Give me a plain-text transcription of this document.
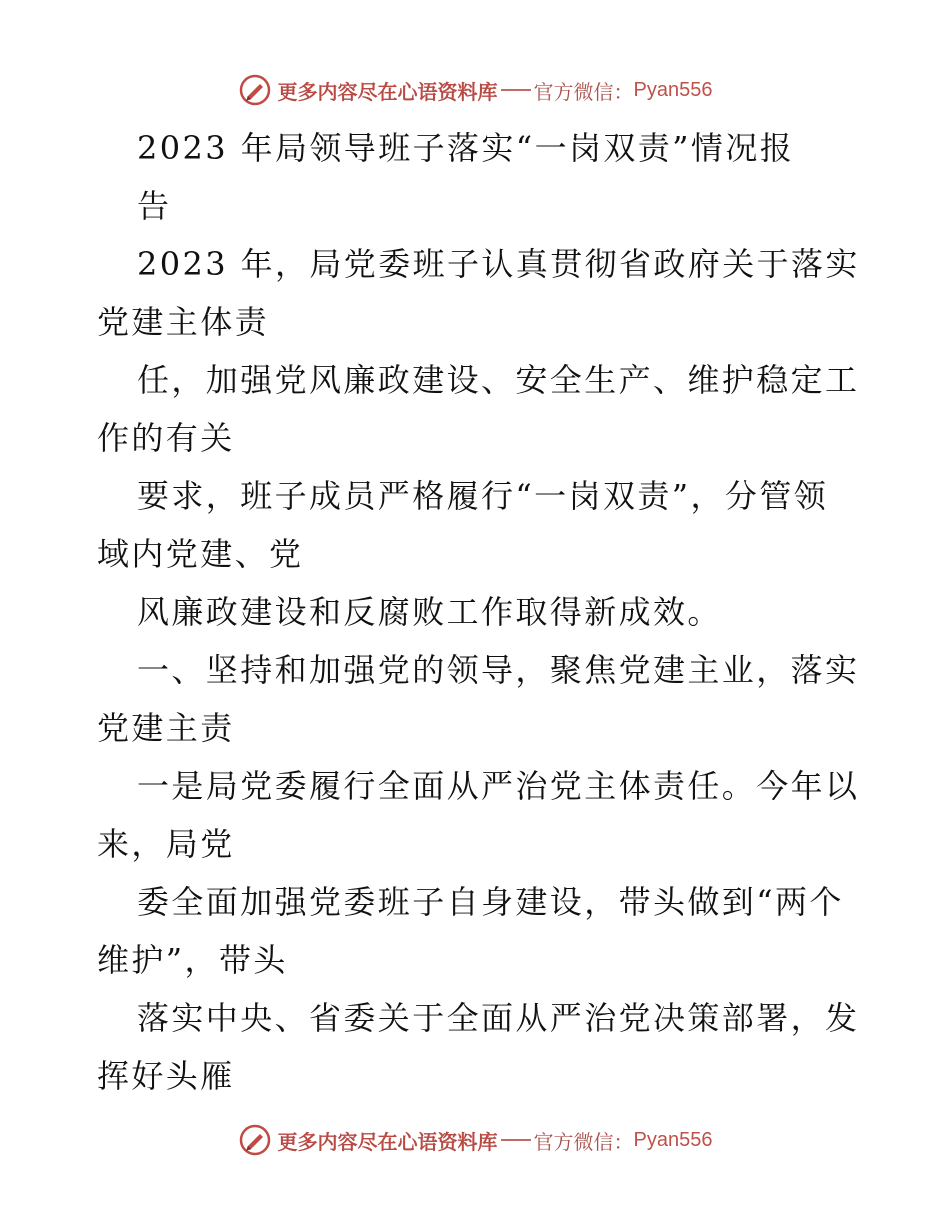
更多内容尽在心语资料库 官方微信： Pyan556
2023 年局领导班子落实“一岗双责”情况报
告
2023 年，局党委班子认真贯彻省政府关于落实
党建主体责
任，加强党风廉政建设、安全生产、维护稳定工
作的有关
要求，班子成员严格履行“一岗双责”，分管领
域内党建、党
风廉政建设和反腐败工作取得新成效。
一、坚持和加强党的领导，聚焦党建主业，落实
党建主责
一是局党委履行全面从严治党主体责任。今年以
来，局党
委全面加强党委班子自身建设，带头做到“两个
维护”，带头
落实中央、省委关于全面从严治党决策部署，发
挥好头雁
更多内容尽在心语资料库 官方微信： Pyan556
